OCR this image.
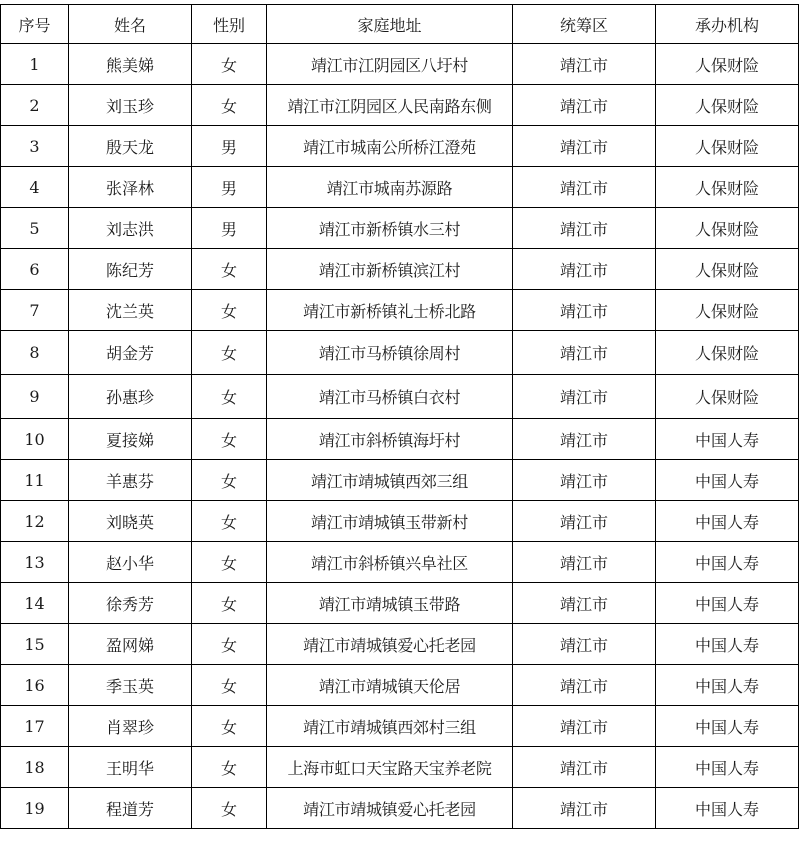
序号	姓名	性别	家庭地址	统筹区	承办机构
1	熊美娣	女	靖江市江阴园区八圩村	靖江市	人保财险
2	刘玉珍	女	靖江市江阴园区人民南路东侧	靖江市	人保财险
3	殷天龙	男	靖江市城南公所桥江澄苑	靖江市	人保财险
4	张泽林	男	靖江市城南苏源路	靖江市	人保财险
5	刘志洪	男	靖江市新桥镇水三村	靖江市	人保财险
6	陈纪芳	女	靖江市新桥镇滨江村	靖江市	人保财险
7	沈兰英	女	靖江市新桥镇礼士桥北路	靖江市	人保财险
8	胡金芳	女	靖江市马桥镇徐周村	靖江市	人保财险
9	孙惠珍	女	靖江市马桥镇白衣村	靖江市	人保财险
10	夏接娣	女	靖江市斜桥镇海圩村	靖江市	中国人寿
11	羊惠芬	女	靖江市靖城镇西郊三组	靖江市	中国人寿
12	刘晓英	女	靖江市靖城镇玉带新村	靖江市	中国人寿
13	赵小华	女	靖江市斜桥镇兴阜社区	靖江市	中国人寿
14	徐秀芳	女	靖江市靖城镇玉带路	靖江市	中国人寿
15	盈网娣	女	靖江市靖城镇爱心托老园	靖江市	中国人寿
16	季玉英	女	靖江市靖城镇天伦居	靖江市	中国人寿
17	肖翠珍	女	靖江市靖城镇西郊村三组	靖江市	中国人寿
18	王明华	女	上海市虹口天宝路天宝养老院	靖江市	中国人寿
19	程道芳	女	靖江市靖城镇爱心托老园	靖江市	中国人寿
